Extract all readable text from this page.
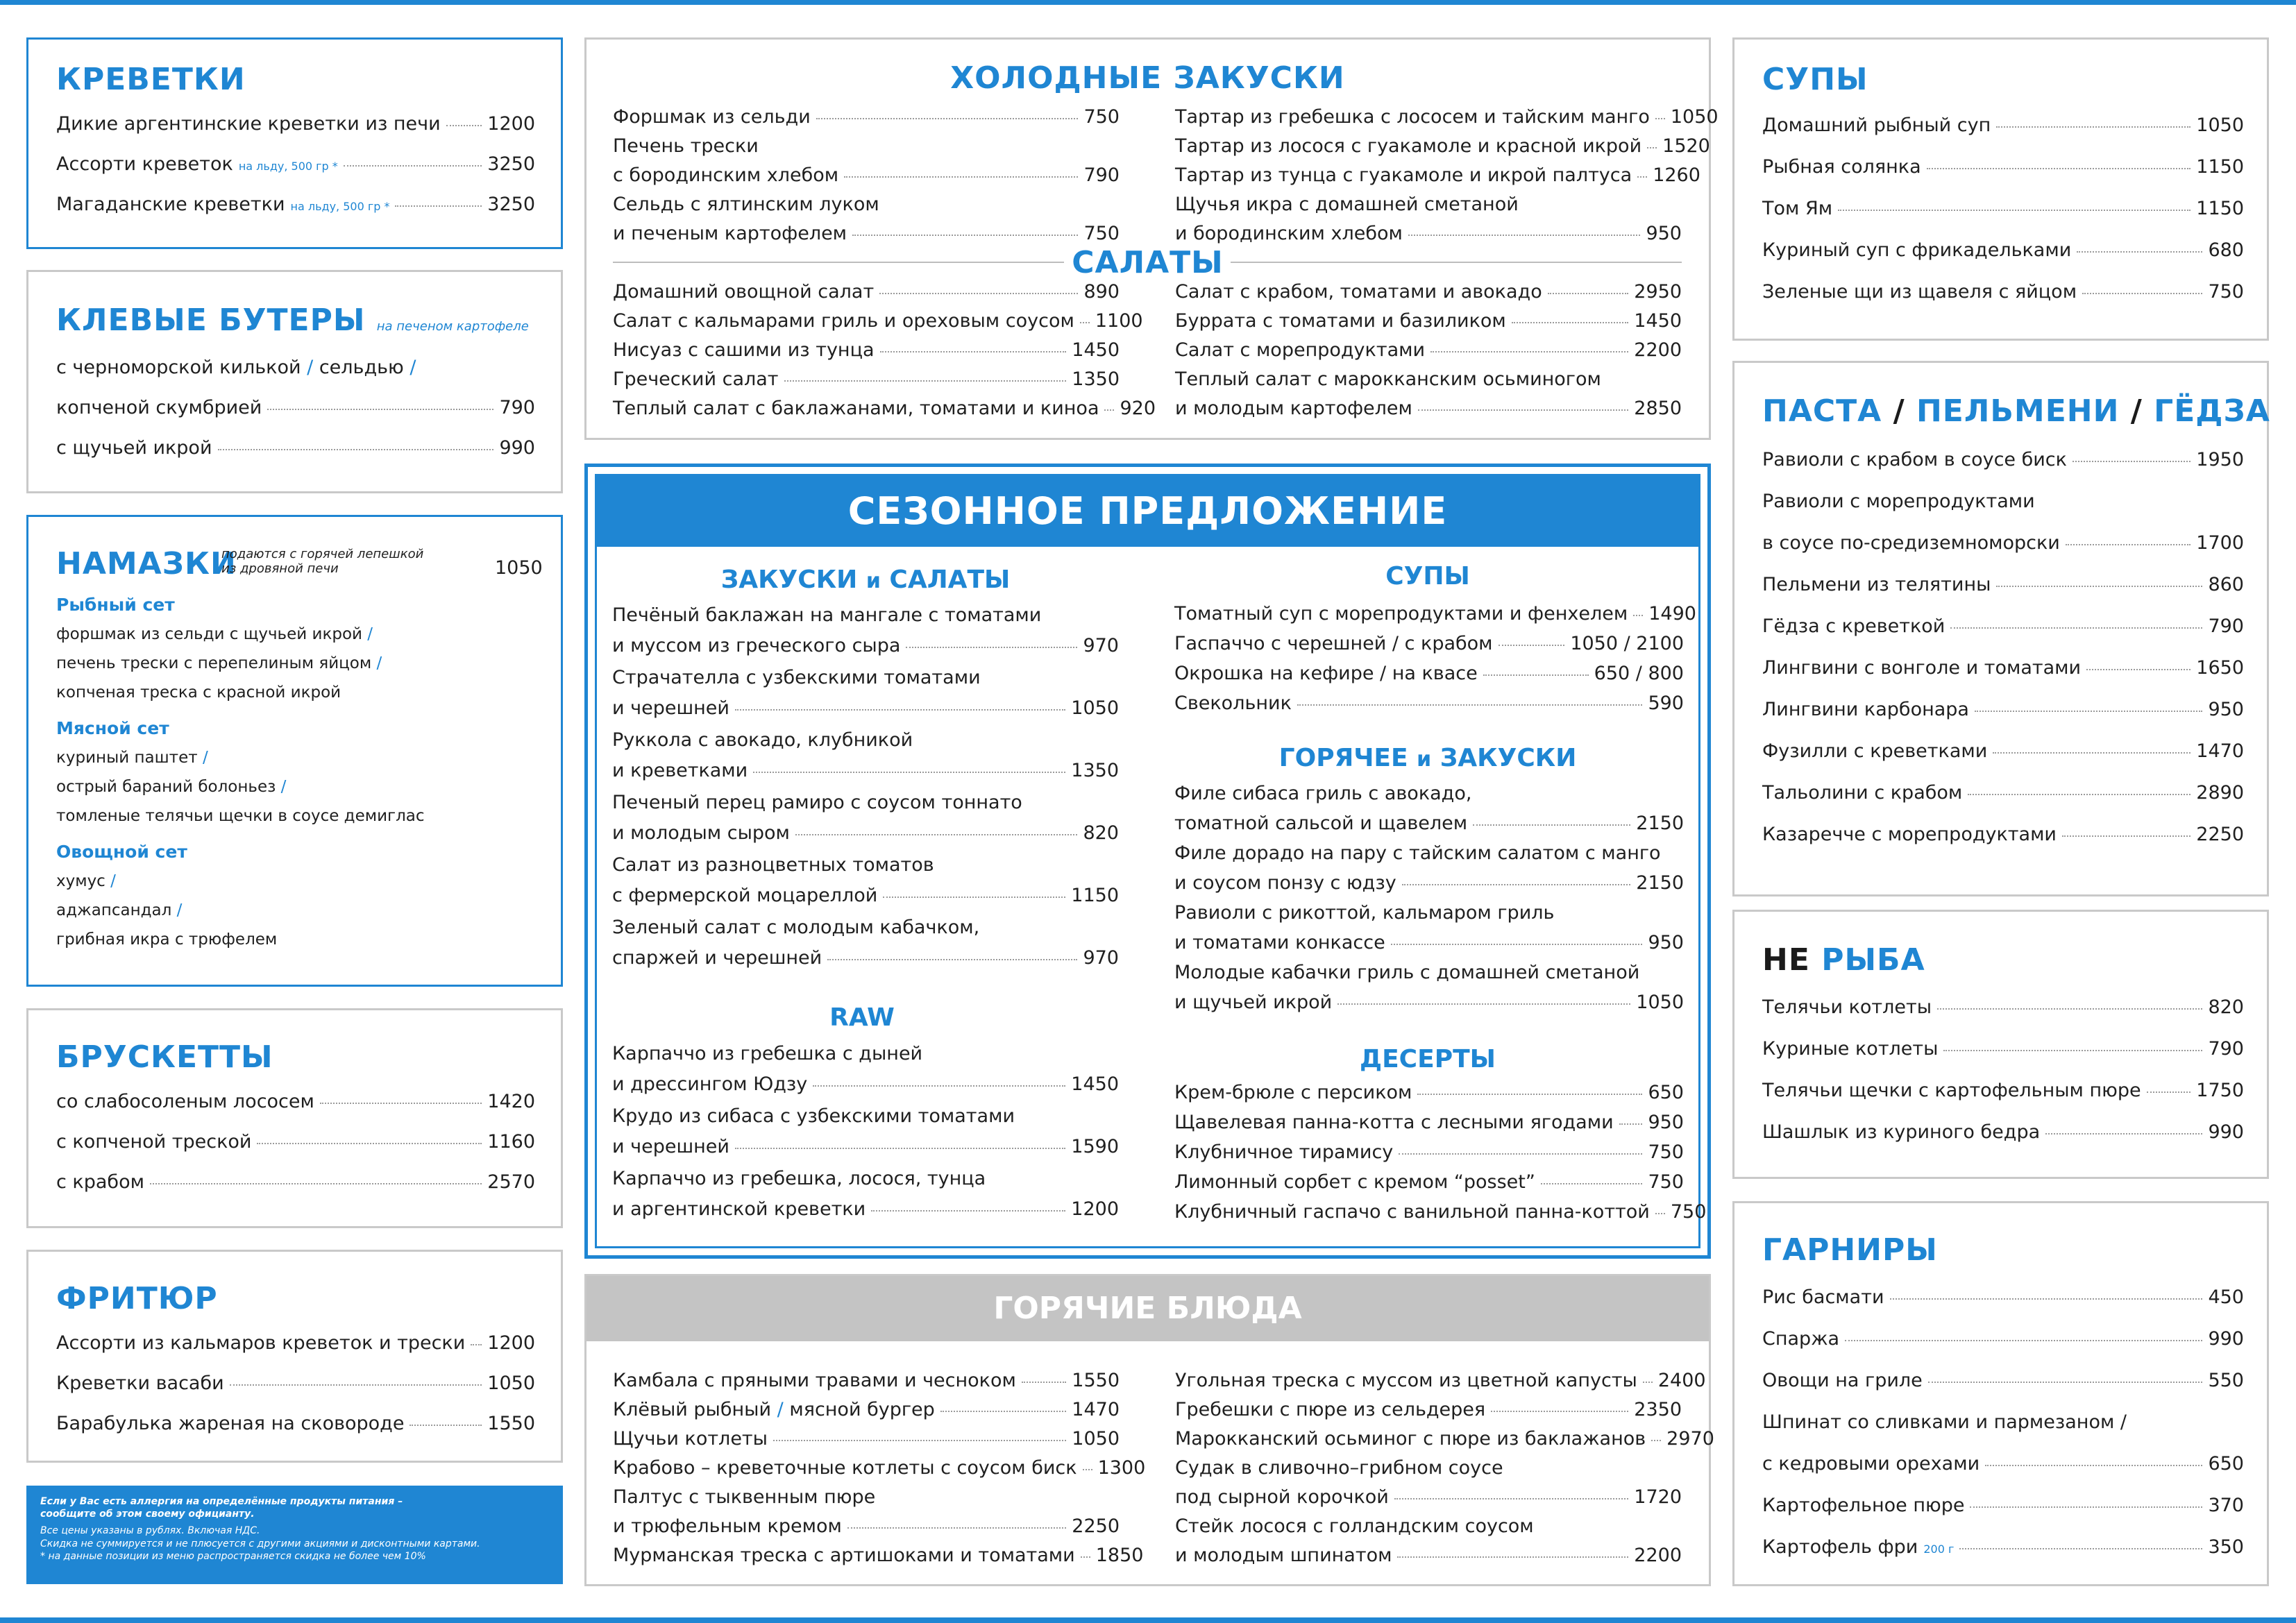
КРЕВЕТКИ
Дикие аргентинские креветки из печи	1200
Ассорти креветок на льду, 500 гр *	3250
Магаданские креветки на льду, 500 гр *	3250
КЛЕВЫЕ БУТЕРЫ на печеном картофеле
с черноморской килькой / сельдью /
копченой скумбрией	790
с щучьей икрой	990
НАМАЗКИ
подаются с горячей лепешкой
из дровяной печи	1050
Рыбный сет
форшмак из сельди с щучьей икрой /
печень трески с перепелиным яйцом /
копченая треска с красной икрой
Мясной сет
куриный паштет /
острый бараний болоньез /
томленые телячьи щечки в соусе демиглас
Овощной сет
хумус /
аджапсандал /
грибная икра с трюфелем
БРУСКЕТТЫ
со слабосоленым лососем	1420
с копченой треской	1160
с крабом	2570
ФРИТЮР
Ассорти из кальмаров креветок и трески 1200
Креветки васаби	1050
Барабулька жареная на сковороде	1550
Если у Вас есть аллергия на определённые продукты питания –
сообщите об этом своему официанту.
Все цены указаны в рублях. Включая НДС.
Скидка не суммируется и не плюсуется с другими акциями и дисконтными картами.
* на данные позиции из меню распространяется скидка не более чем 10%
ХОЛОДНЫЕ ЗАКУСКИ
Форшмак из сельди	750
Печень трески
с бородинским хлебом	790
Сельдь с ялтинским луком
и печеным картофелем	750
Тартар из гребешка с лососем и тайским манго 1050
Тартар из лосося с гуакамоле и красной икрой 1520
Тартар из тунца с гуакамоле и икрой палтуса 1260
Щучья икра с домашней сметаной
и бородинским хлебом	950
САЛАТЫ
Домашний овощной салат	890
Салат с кальмарами гриль и ореховым соусом 1100
Нисуаз с сашими из тунца	1450
Греческий салат	1350
Теплый салат с баклажанами, томатами и киноа 920
Салат с крабом, томатами и авокадо	2950
Буррата с томатами и базиликом	1450
Салат с морепродуктами	2200
Теплый салат с марокканским осьминогом
и молодым картофелем	2850
СЕЗОННОЕ ПРЕДЛОЖЕНИЕ
ЗАКУСКИ и САЛАТЫ
Печёный баклажан на мангале с томатами
и муссом из греческого сыра	970
Страчателла с узбекскими томатами
и черешней	1050
Руккола с авокадо, клубникой
и креветками	1350
Печеный перец рамиро с соусом тоннато
и молодым сыром	820
Салат из разноцветных томатов
с фермерской моцареллой	1150
Зеленый салат с молодым кабачком,
спаржей и черешней	970
RAW
Карпаччо из гребешка с дыней
и дрессингом Юдзу	1450
Крудо из сибаса с узбекскими томатами
и черешней	1590
Карпаччо из гребешка, лосося, тунца
и аргентинской креветки	1200
СУПЫ
Томатный суп с морепродуктами и фенхелем 1490
Гаспаччо с черешней / с крабом	1050 / 2100
Окрошка на кефире / на квасе	650 / 800
Свекольник	590
ГОРЯЧЕЕ и ЗАКУСКИ
Филе сибаса гриль с авокадо,
томатной сальсой и щавелем	2150
Филе дорадо на пару с тайским салатом с манго
и соусом понзу с юдзу	2150
Равиоли с рикоттой, кальмаром гриль
и томатами конкассе	950
Молодые кабачки гриль с домашней сметаной
и щучьей икрой	1050
ДЕСЕРТЫ
Крем-брюле с персиком	650
Щавелевая панна-котта с лесными ягодами 950
Клубничное тирамису	750
Лимонный сорбет с кремом “posset”	750
Клубничный гаспачо с ванильной панна-коттой 750
ГОРЯЧИЕ БЛЮДА
Камбала с пряными травами и чесноком	1550
Клёвый рыбный / мясной бургер	1470
Щучьи котлеты	1050
Крабово – креветочные котлеты с соусом биск 1300
Палтус с тыквенным пюре
и трюфельным кремом	2250
Мурманская треска с артишоками и томатами 1850
Угольная треска с муссом из цветной капусты 2400
Гребешки с пюре из сельдерея	2350
Марокканский осьминог с пюре из баклажанов 2970
Судак в сливочно–грибном соусе
под сырной корочкой	1720
Стейк лосося с голландским соусом
и молодым шпинатом	2200
СУПЫ
Домашний рыбный суп	1050
Рыбная солянка	1150
Том Ям	1150
Куриный суп с фрикадельками	680
Зеленые щи из щавеля с яйцом	750
ПАСТА / ПЕЛЬМЕНИ / ГЁДЗА
Равиоли с крабом в соусе биск	1950
Равиоли с морепродуктами
в соусе по-средиземноморски	1700
Пельмени из телятины	860
Гёдза с креветкой	790
Лингвини с вонголе и томатами	1650
Лингвини карбонара	950
Фузилли с креветками	1470
Тальолини с крабом	2890
Казаречче с морепродуктами	2250
НЕ РЫБА
Телячьи котлеты	820
Куриные котлеты	790
Телячьи щечки с картофельным пюре	1750
Шашлык из куриного бедра	990
ГАРНИРЫ
Рис басмати	450
Спаржа	990
Овощи на гриле	550
Шпинат со сливками и пармезаном /
с кедровыми орехами	650
Картофельное пюре	370
Картофель фри 200 г	350
